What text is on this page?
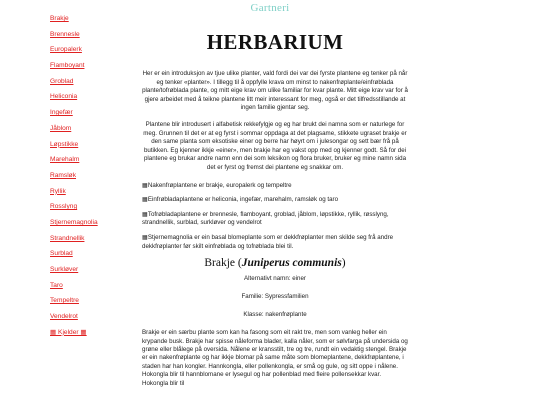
Gartneri
Brakje
Brennesle
Europalerk
Flamboyant
Groblad
Heliconia
Ingefær
Jåblom
Løpstikke
Marehalm
Ramsløk
Ryllik
Rosslyng
Stjernemagnolia
Strandnellik
Surblad
Surkløver
Taro
Tempeltre
Vendelrot
▦ Kjelder ▦
HERBARIUM

Her er ein introduksjon av tjue ulike planter, vald fordi dei var dei fyrste plantene eg tenker på når eg tenker «planter». I tillegg til å oppfylle krava om minst to nakenfrøplante/einfrøblada plante/tofrøblada plante, og mitt eige krav om ulike familiar for kvar plante. Mitt eige krav var for å gjere arbeidet med å teikne plantene litt meir interessant for meg, også er det tilfredsstillande at ingen familie gjentar seg.

Plantene blir introdusert i alfabetisk rekkefylgje og eg har brukt dei namna som er naturlege for meg. Grunnen til det er at eg fyrst i sommar oppdaga at det plagsame, stikkete ugraset brakje er den same planta som eksotiske einer og berre har høyrt om i julesongar og sett bær frå på butikken. Eg kjenner ikkje «einer», men brakje har eg vakst opp med og kjenner godt. Så for dei plantene eg brukar andre namn enn dei som leksikon og flora bruker, bruker eg mine namn sida det er fyrst og fremst dei plantene eg snakkar om.

▦Nakenfrøplantene er brakje, europalerk og tempeltre
▦Einfrøbladaplantene er heliconia, ingefær, marehalm, ramsløk og taro
▦Tofrøbladaplantene er brennesle, flamboyant, groblad, jåblom, løpstikke, ryllik, røsslyng, strandnellik, surblad, surkløver og vendelrot
▦Stjernemagnolia er ein basal blomeplante som er dekkfrøplanter men skilde seg frå andre dekkfrøplanter før skilt einfrøblada og tofrøblada blei til.
Brakje (Juniperus communis)
Alternativt namn: einer
Familie: Sypressfamilien
Klasse: nakenfrøplante

Brakje er ein særbu plante som kan ha fasong som eit rakt tre, men som vanleg heller ein krypande busk. Brakje har spisse nåleforma blader, kalla nåler, som er sølvfarga på undersida og grøne eller blålege på oversida. Nålene er kransstilt, tre og tre, rundt ein vedaktig stengel. Brakje er ein nakenfrøplante og har ikkje blomar på same måte som blomeplantene, dekkfrøplantene, i staden har han kongler. Hannkongla, eller pollenkongla, er små og gule, og sitt oppe i nålene. Hokongla blir til hannblomane er lysegul og har pollenblad med fleire pollensekkar kvar. Hokongla blir til
